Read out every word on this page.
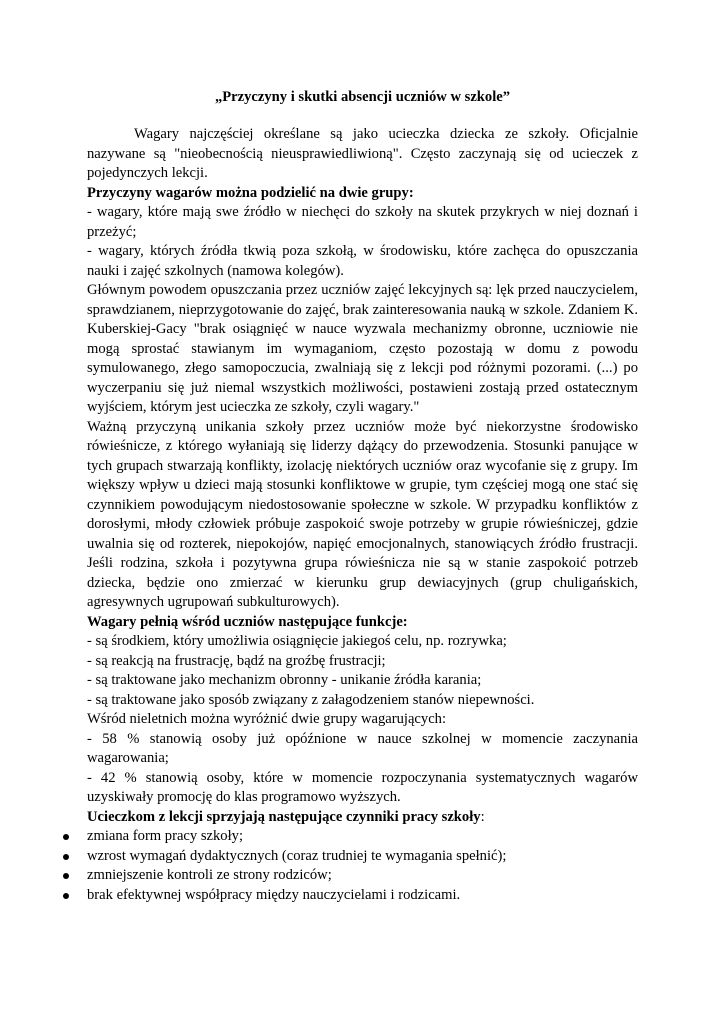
„Przyczyny i skutki absencji uczniów w szkole”

Wagary najczęściej określane są jako ucieczka dziecka ze szkoły. Oficjalnie nazywane są "nieobecnością nieusprawiedliwioną". Często zaczynają się od ucieczek z pojedynczych lekcji.

Przyczyny wagarów można podzielić na dwie grupy:

- wagary, które mają swe źródło w niechęci do szkoły na skutek przykrych w niej doznań i przeżyć;

- wagary, których źródła tkwią poza szkołą, w środowisku, które zachęca do opuszczania nauki i zajęć szkolnych (namowa kolegów).

Głównym powodem opuszczania przez uczniów zajęć lekcyjnych są: lęk przed nauczycielem, sprawdzianem, nieprzygotowanie do zajęć, brak zainteresowania nauką w szkole. Zdaniem K. Kuberskiej-Gacy "brak osiągnięć w nauce wyzwala mechanizmy obronne, uczniowie nie mogą sprostać stawianym im wymaganiom, często pozostają w domu z powodu symulowanego, złego samopoczucia, zwalniają się z lekcji pod różnymi pozorami. (...) po wyczerpaniu się już niemal wszystkich możliwości, postawieni zostają przed ostatecznym wyjściem, którym jest ucieczka ze szkoły, czyli wagary."

Ważną przyczyną unikania szkoły przez uczniów może być niekorzystne środowisko rówieśnicze, z którego wyłaniają się liderzy dążący do przewodzenia. Stosunki panujące w tych grupach stwarzają konflikty, izolację niektórych uczniów oraz wycofanie się z grupy. Im większy wpływ u dzieci mają stosunki konfliktowe w grupie, tym częściej mogą one stać się czynnikiem powodującym niedostosowanie społeczne w szkole. W przypadku konfliktów z dorosłymi, młody człowiek próbuje zaspokoić swoje potrzeby w grupie rówieśniczej, gdzie uwalnia się od rozterek, niepokojów, napięć emocjonalnych, stanowiących źródło frustracji. Jeśli rodzina, szkoła i pozytywna grupa rówieśnicza nie są w stanie zaspokoić potrzeb dziecka, będzie ono zmierzać w kierunku grup dewiacyjnych (grup chuligańskich, agresywnych ugrupowań subkulturowych).

Wagary pełnią wśród uczniów następujące funkcje:

- są środkiem, który umożliwia osiągnięcie jakiegoś celu, np. rozrywka;

- są reakcją na frustrację, bądź na groźbę frustracji;

- są traktowane jako mechanizm obronny - unikanie źródła karania;

- są traktowane jako sposób związany z załagodzeniem stanów niepewności.

Wśród nieletnich można wyróżnić dwie grupy wagarujących:

- 58 % stanowią osoby już opóźnione w nauce szkolnej w momencie zaczynania wagarowania;

- 42 % stanowią osoby, które w momencie rozpoczynania systematycznych wagarów uzyskiwały promocję do klas programowo wyższych.

Ucieczkom z lekcji sprzyjają następujące czynniki pracy szkoły:

zmiana form pracy szkoły;
wzrost wymagań dydaktycznych (coraz trudniej te wymagania spełnić);
zmniejszenie kontroli ze strony rodziców;
brak efektywnej współpracy między nauczycielami i rodzicami.
